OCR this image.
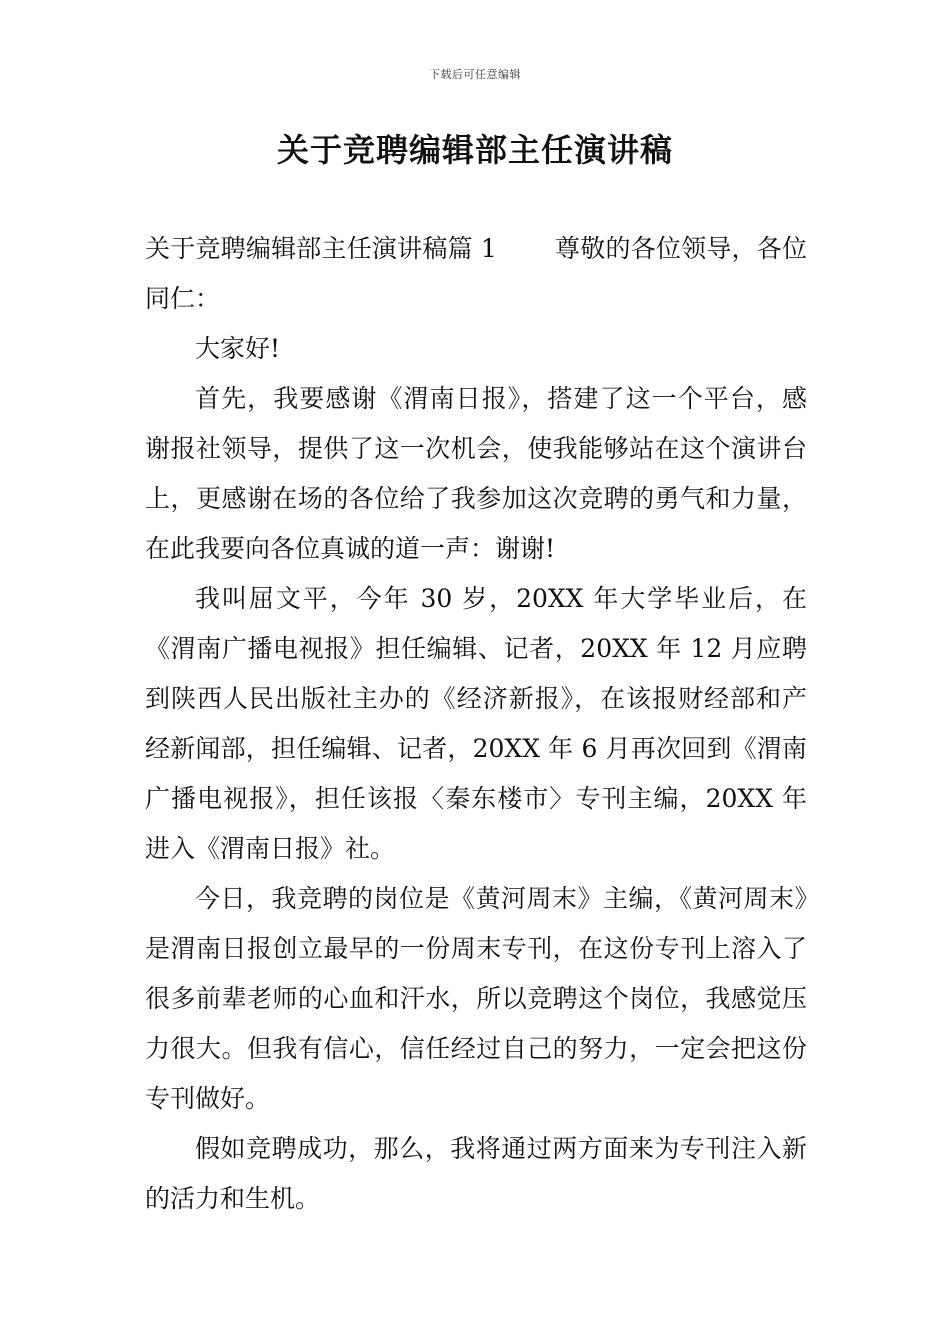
下载后可任意编辑
关于竞聘编辑部主任演讲稿

关于竞聘编辑部主任演讲稿篇 1 尊敬的各位领导，各位同仁：

大家好!

首先，我要感谢《渭南日报》，搭建了这一个平台，感谢报社领导，提供了这一次机会，使我能够站在这个演讲台上，更感谢在场的各位给了我参加这次竞聘的勇气和力量，在此我要向各位真诚的道一声：谢谢!

我叫屈文平，今年 30 岁，20XX 年大学毕业后，在《渭南广播电视报》担任编辑、记者，20XX 年 12 月应聘到陕西人民出版社主办的《经济新报》，在该报财经部和产经新闻部，担任编辑、记者，20XX 年 6 月再次回到《渭南广播电视报》，担任该报〈秦东楼市〉专刊主编，20XX 年进入《渭南日报》社。

今日，我竞聘的岗位是《黄河周末》主编，《黄河周末》是渭南日报创立最早的一份周末专刊，在这份专刊上溶入了很多前辈老师的心血和汗水，所以竞聘这个岗位，我感觉压力很大。但我有信心，信任经过自己的努力，一定会把这份专刊做好。

假如竞聘成功，那么，我将通过两方面来为专刊注入新的活力和生机。
